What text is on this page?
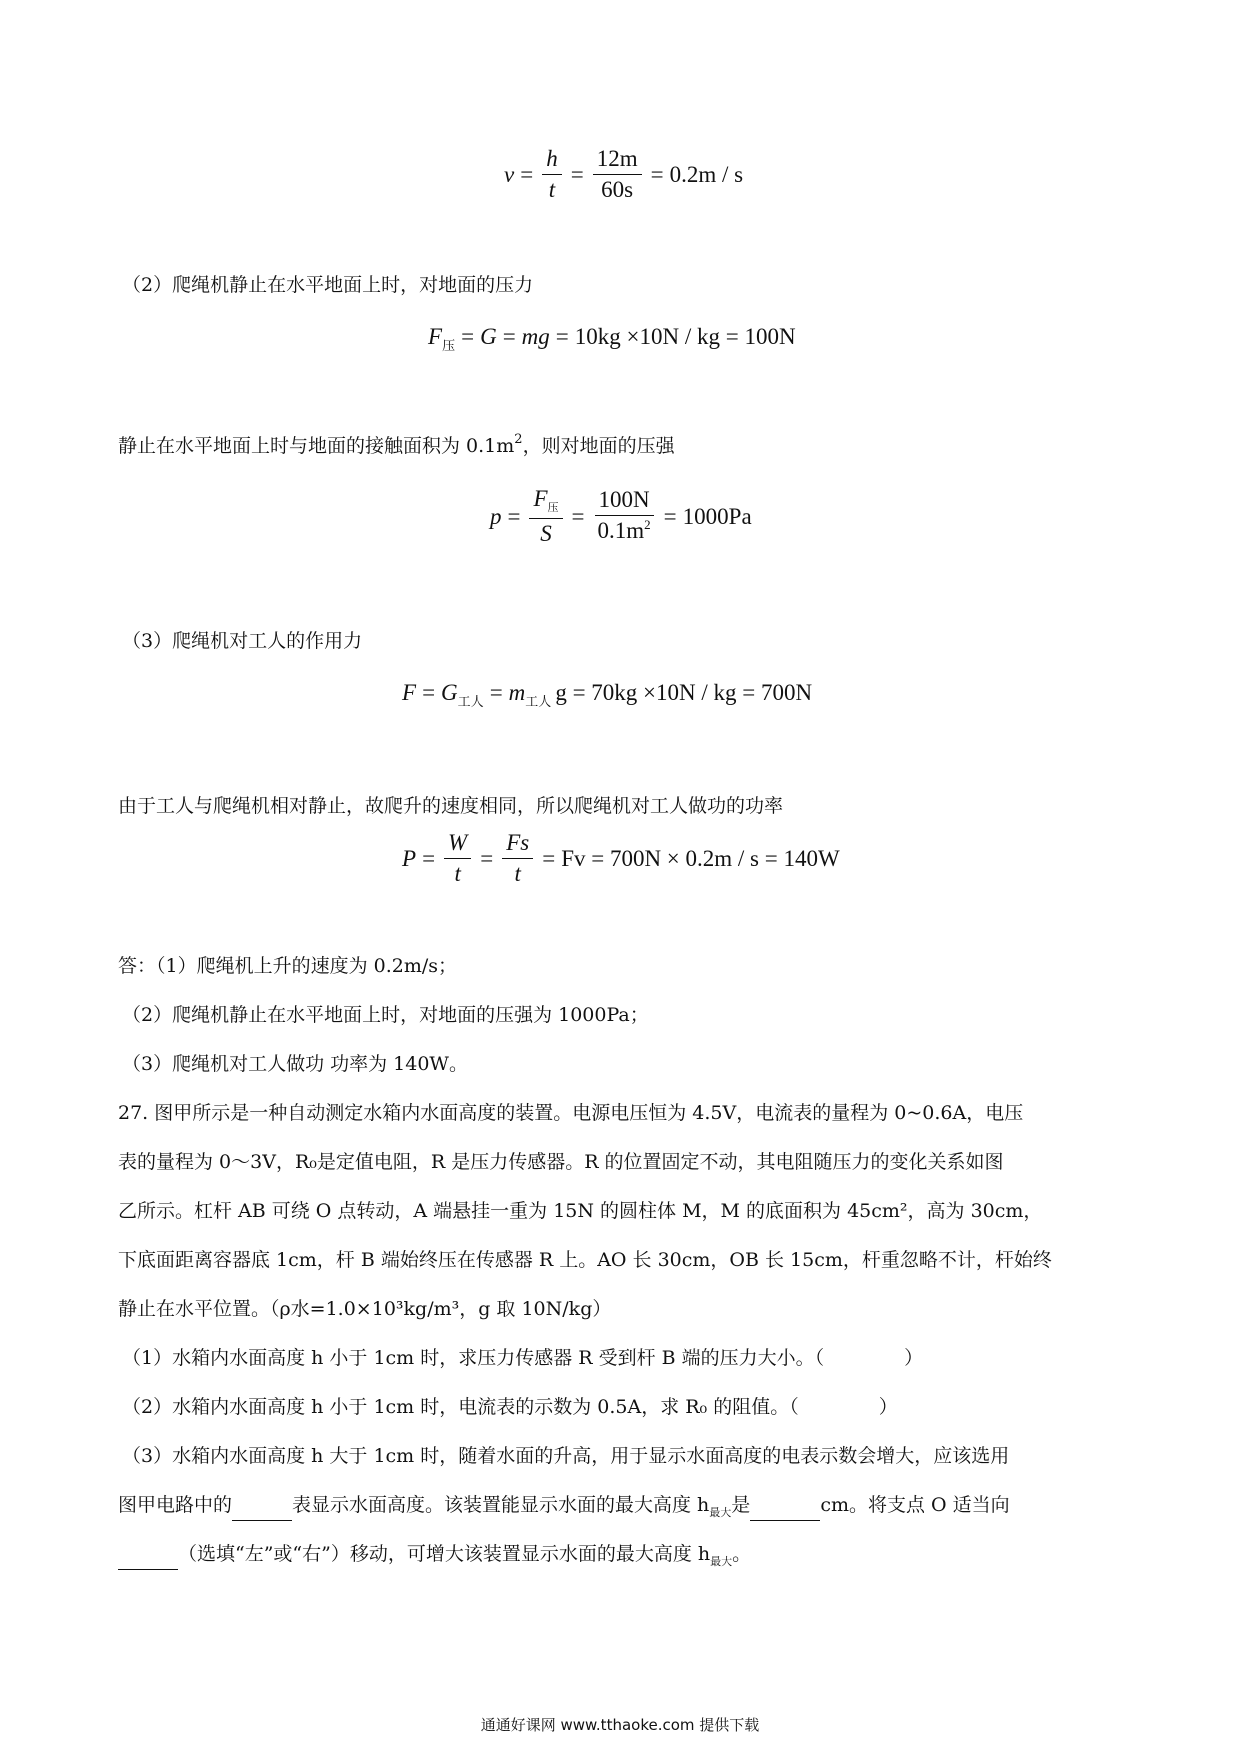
$v = \frac{h}{t} = \frac{12m}{60s} = 0.2m / s$
（2）爬绳机静止在水平地面上时，对地面的压力
F 压 = G = mg = 10kg ×10N / kg = 100N
静止在水平地面上时与地面的接触面积为 $0.1m^2$，则对地面的压强
$p = \frac{F_压}{S} = \frac{100N}{0.1m^2} = 1000Pa$
（3）爬绳机对工人的作用力
F = G 工人 = m 工人 g = 70kg ×10N / kg = 700N
由于工人与爬绳机相对静止，故爬升的速度相同，所以爬绳机对工人做功的功率
$P = \frac{W}{t} = \frac{Fs}{t} = Fv = 700N \times 0.2m / s = 140W$
答：（1）爬绳机上升的速度为 0.2m/s；
（2）爬绳机静止在水平地面上时，对地面的压强为 1000Pa；
（3）爬绳机对工人做功 功率为 140W。
27. 图甲所示是一种自动测定水箱内水面高度的装置。电源电压恒为 4.5V，电流表的量程为 0~0.6A，电压
表的量程为 0～3V，R₀是定值电阻，R 是压力传感器。R 的位置固定不动，其电阻随压力的变化关系如图
乙所示。杠杆 AB 可绕 O 点转动，A 端悬挂一重为 15N 的圆柱体 M，M 的底面积为 45cm²，高为 30cm，
下底面距离容器底 1cm，杆 B 端始终压在传感器 R 上。AO 长 30cm，OB 长 15cm，杆重忽略不计，杆始终
静止在水平位置。（ρ水=1.0×10³kg/m³，g 取 10N/kg）
（1）水箱内水面高度 h 小于 1cm 时，求压力传感器 R 受到杆 B 端的压力大小。（	）
（2）水箱内水面高度 h 小于 1cm 时，电流表的示数为 0.5A，求 R₀ 的阻值。（	）
（3）水箱内水面高度 h 大于 1cm 时，随着水面的升高，用于显示水面高度的电表示数会增大，应该选用
图甲电路中的	表显示水面高度。该装置能显示水面的最大高度 $h_{最大}$是	cm。将支点 O 适当向
（选填“左”或“右”）移动，可增大该装置显示水面的最大高度 $h_{最大}$。
通通好课网 www.tthaoke.com 提供下载
